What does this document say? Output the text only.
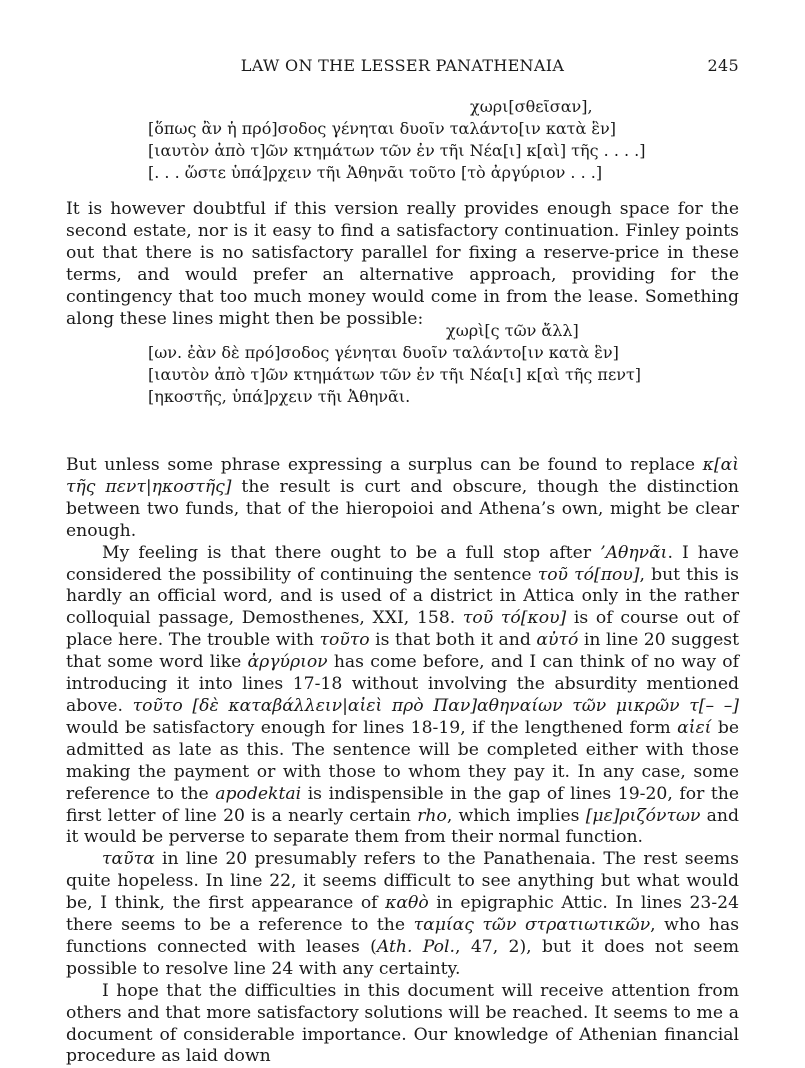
LAW ON THE LESSER PANATHENAIA	245
χωρι[σθεῖσαν],
[ὅπως ἂν ἡ πρό]σοδος γένηται δυοῖν ταλάντο[ιν κατὰ ἓν]
[ιαυτὸν ἀπὸ τ]ῶν κτημάτων τῶν ἐν τῆι Νέα[ι] κ[αὶ] τῆς . . . .]
[. . . ὥστε ὑπά]ρχειν τῆι Ἀθηνᾶι τοῦτο [τὸ ἀργύριον . . .]

It is however doubtful if this version really provides enough space for the second estate, nor is it easy to find a satisfactory continuation. Finley points out that there is no satisfactory parallel for fixing a reserve-price in these terms, and would prefer an alternative approach, providing for the contingency that too much money would come in from the lease. Something along these lines might then be possible:

χωρὶ[ς τῶν ἄλλ]
[ων. ἐὰν δὲ πρό]σοδος γένηται δυοῖν ταλάντο[ιν κατὰ ἓν]
[ιαυτὸν ἀπὸ τ]ῶν κτημάτων τῶν ἐν τῆι Νέα[ι] κ[αὶ τῆς πεντ]
[ηκοστῆς, ὑπά]ρχειν τῆι Ἀθηνᾶι.

But unless some phrase expressing a surplus can be found to replace κ[αὶ τῆς πεντ|ηκοστῆς] the result is curt and obscure, though the distinction between two funds, that of the hieropoioi and Athena’s own, might be clear enough.

My feeling is that there ought to be a full stop after ’Αθηνᾶι. I have considered the possibility of continuing the sentence τοῦ τό[που], but this is hardly an official word, and is used of a district in Attica only in the rather colloquial passage, Demosthenes, XXI, 158. τοῦ τό[κου] is of course out of place here. The trouble with τοῦτο is that both it and αὐτό in line 20 suggest that some word like ἀργύριον has come before, and I can think of no way of introducing it into lines 17-18 without involving the absurdity mentioned above. τοῦτο [δὲ καταβάλλειν|αἰεὶ πρὸ Παν]αθηναίων τῶν μικρῶν τ[– –] would be satisfactory enough for lines 18-19, if the lengthened form αἰεί be admitted as late as this. The sentence will be completed either with those making the payment or with those to whom they pay it. In any case, some reference to the apodektai is indispensible in the gap of lines 19-20, for the first letter of line 20 is a nearly certain rho, which implies [με]ριζόντων and it would be perverse to separate them from their normal function.

ταῦτα in line 20 presumably refers to the Panathenaia. The rest seems quite hopeless. In line 22, it seems difficult to see anything but what would be, I think, the first appearance of καθὸ in epigraphic Attic. In lines 23-24 there seems to be a reference to the ταμίας τῶν στρατιωτικῶν, who has functions connected with leases (Ath. Pol., 47, 2), but it does not seem possible to resolve line 24 with any certainty.

I hope that the difficulties in this document will receive attention from others and that more satisfactory solutions will be reached. It seems to me a document of considerable importance. Our knowledge of Athenian financial procedure as laid down
